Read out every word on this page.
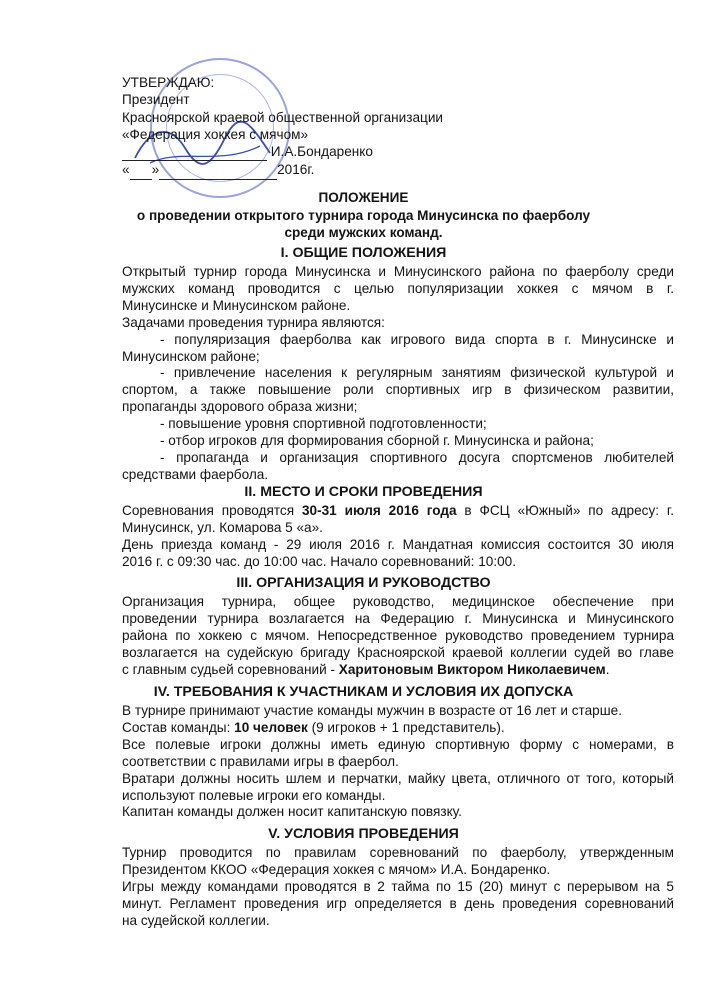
УТВЕРЖДАЮ:
Президент
Красноярской краевой общественной организации
«Федерация хоккея с мячом»
И.А.Бондаренко
« »	2016г.
ПОЛОЖЕНИЕ
о проведении открытого турнира города Минусинска по фаерболу
среди мужских команд.
I. ОБЩИЕ ПОЛОЖЕНИЯ
Открытый турнир города Минусинска и Минусинского района по фаерболу среди
мужских команд проводится с целью популяризации хоккея с мячом в г.
Минусинске и Минусинском районе.
Задачами проведения турнира являются:
- популяризация фаерболва как игрового вида спорта в г. Минусинске и
Минусинском районе;
- привлечение населения к регулярным занятиям физической культурой и
спортом, а также повышение роли спортивных игр в физическом развитии,
пропаганды здорового образа жизни;
- повышение уровня спортивной подготовленности;
- отбор игроков для формирования сборной г. Минусинска и района;
- пропаганда и организация спортивного досуга спортсменов любителей
средствами фаербола.
II. МЕСТО И СРОКИ ПРОВЕДЕНИЯ
Соревнования проводятся 30-31 июля 2016 года в ФСЦ «Южный» по адресу: г.
Минусинск, ул. Комарова 5 «а».
День приезда команд - 29 июля 2016 г. Мандатная комиссия состоится 30 июля
2016 г. с 09:30 час. до 10:00 час. Начало соревнований: 10:00.
III. ОРГАНИЗАЦИЯ И РУКОВОДСТВО
Организация турнира, общее руководство, медицинское обеспечение при
проведении турнира возлагается на Федерацию г. Минусинска и Минусинского
района по хоккею с мячом. Непосредственное руководство проведением турнира
возлагается на судейскую бригаду Красноярской краевой коллегии судей во главе
с главным судьей соревнований - Харитоновым Виктором Николаевичем.
IV. ТРЕБОВАНИЯ К УЧАСТНИКАМ И УСЛОВИЯ ИХ ДОПУСКА
В турнире принимают участие команды мужчин в возрасте от 16 лет и старше.
Состав команды: 10 человек (9 игроков + 1 представитель).
Все полевые игроки должны иметь единую спортивную форму с номерами, в
соответствии с правилами игры в фаербол.
Вратари должны носить шлем и перчатки, майку цвета, отличного от того, который
используют полевые игроки его команды.
Капитан команды должен носит капитанскую повязку.
V. УСЛОВИЯ ПРОВЕДЕНИЯ
Турнир проводится по правилам соревнований по фаерболу, утвержденным
Президентом ККОО «Федерация хоккея с мячом» И.А. Бондаренко.
Игры между командами проводятся в 2 тайма по 15 (20) минут с перерывом на 5
минут. Регламент проведения игр определяется в день проведения соревнований
на судейской коллегии.
